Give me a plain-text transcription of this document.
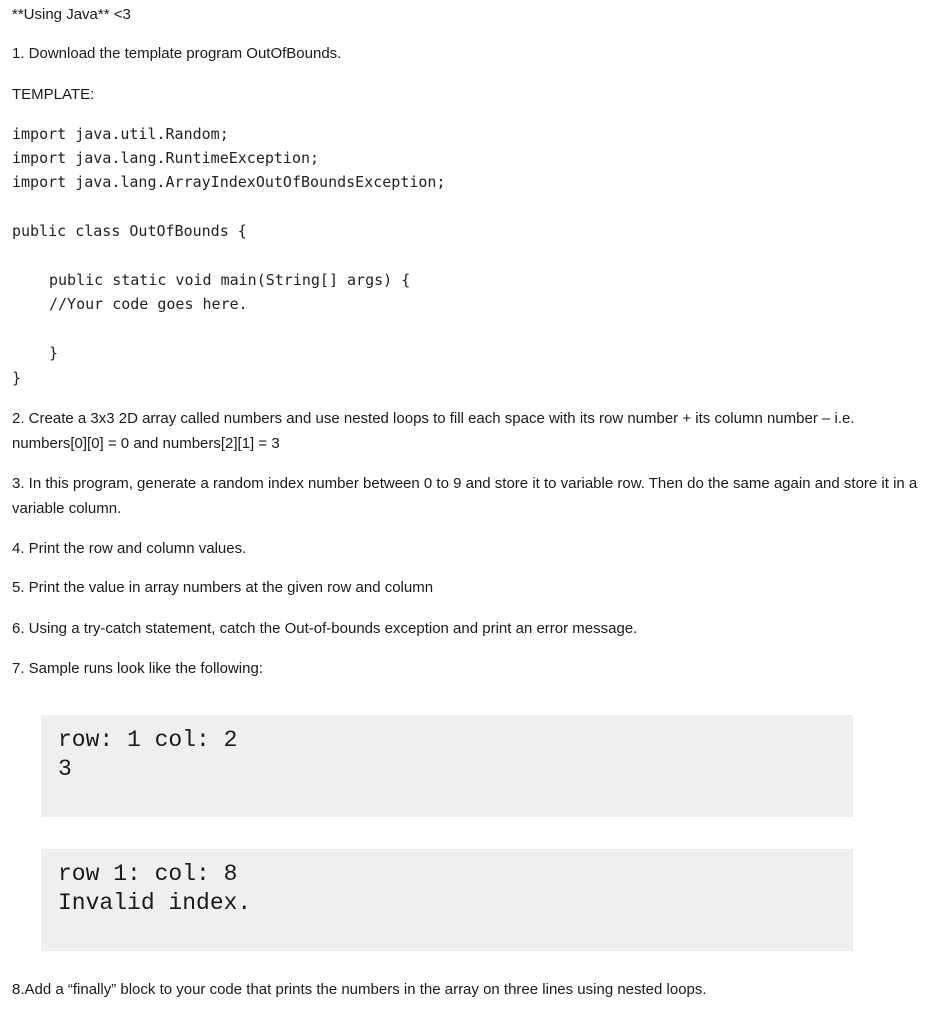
**Using Java** <3
1. Download the template program OutOfBounds.
TEMPLATE:
import java.util.Random;
import java.lang.RuntimeException;
import java.lang.ArrayIndexOutOfBoundsException;
public class OutOfBounds {
public static void main(String[] args) {
//Your code goes here.
}
}
2. Create a 3x3 2D array called numbers and use nested loops to fill each space with its row number + its column number – i.e. numbers[0][0] = 0 and numbers[2][1] = 3
3. In this program, generate a random index number between 0 to 9 and store it to variable row. Then do the same again and store it in a variable column.
4. Print the row and column values.
5. Print the value in array numbers at the given row and column
6. Using a try-catch statement, catch the Out-of-bounds exception and print an error message.
7. Sample runs look like the following:
row: 1 col: 2
3
row 1: col: 8
Invalid index.
8.Add a “finally” block to your code that prints the numbers in the array on three lines using nested loops.
